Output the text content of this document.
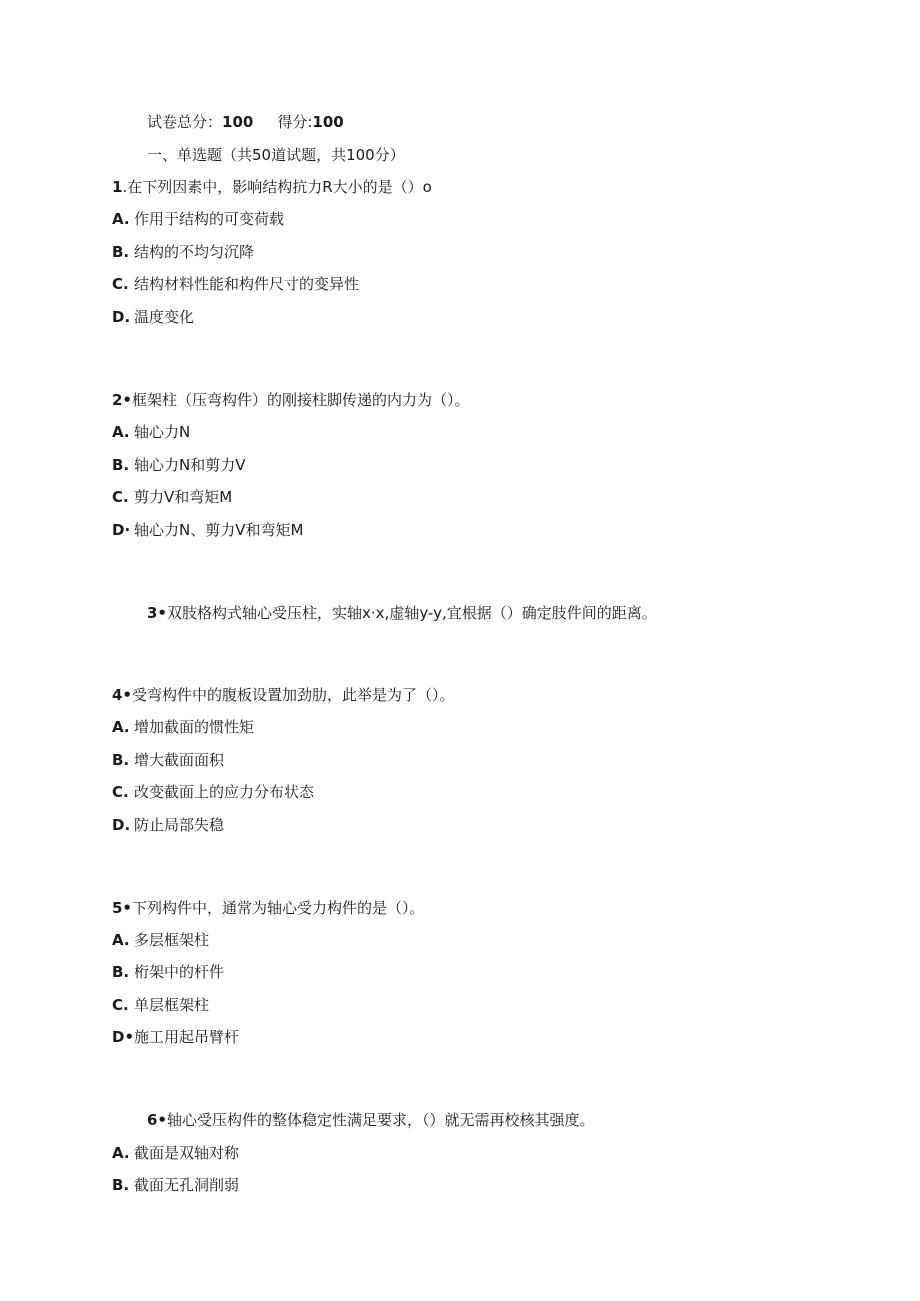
试卷总分：100 得分:100
一、单选题（共50道试题，共100分）
1.在下列因素中，影响结构抗力R大小的是（）o
A. 作用于结构的可变荷载
B. 结构的不均匀沉降
C. 结构材料性能和构件尺寸的变异性
D. 温度变化
2•框架柱（压弯构件）的刚接柱脚传递的内力为（）。
A. 轴心力N
B. 轴心力N和剪力V
C. 剪力V和弯矩M
D· 轴心力N、剪力V和弯矩M
3•双肢格构式轴心受压柱，实轴x·x,虚轴y-y,宜根据（）确定肢件间的距离。
4•受弯构件中的腹板设置加劲肋，此举是为了（）。
A. 增加截面的惯性矩
B. 增大截面面积
C. 改变截面上的应力分布状态
D. 防止局部失稳
5•下列构件中，通常为轴心受力构件的是（）。
A. 多层框架柱
B. 桁架中的杆件
C. 单层框架柱
D•施工用起吊臂杆
6•轴心受压构件的整体稳定性满足要求，（）就无需再校核其强度。
A. 截面是双轴对称
B. 截面无孔洞削弱
